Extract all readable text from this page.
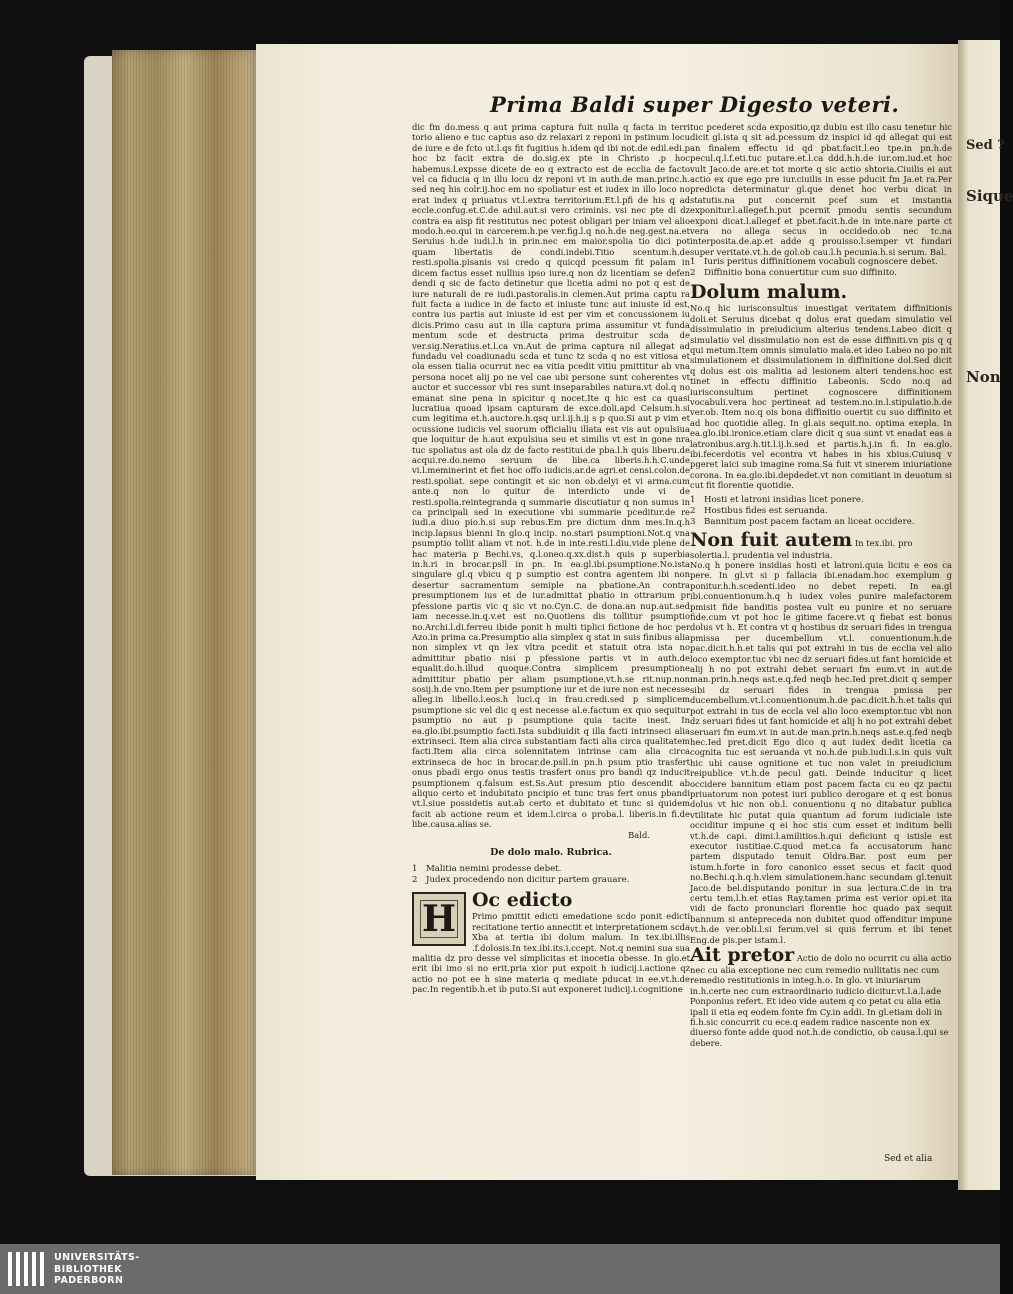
Sed ?
Sique
Non
Prima Baldi super Digesto veteri.

dic fm do.mess q aut prima captura fuit nulla q facta in terri torio alieno e tuc captus aso dz relaxari z reponi in pstinum locu de iure e de fcto ut.l.qs fit fugitius h.idem qd ibi not.de edil.edi.p hoc bz facit extra de do.sig.ex pte in Christo .p hoc habemus.l.expsse dicete de eo q extracto est de ecclia de facto vel ca fiducia q in illu locu dz reponi vt in auth.de man.princ.h. sed neq his colr.ij.hoc em no spoliatur est et iudex in illo loco no erat index q priuatus vt.l.extra territorium.Et.l.pfi de his q ad eccle.confug.et.C.de adul.aut.si vero criminis. vsi nec pte di dz contra ea aisp fit restitutus nec potest obligari per iniam vel alio modo.h.eo.qui in carcerem.h.pe ver.fig.l.q no.h.de neg.gest.na.et Seruius h.de iudi.l.h in prin.nec em maior.spolia tio dici pot quam libertatis de condi.indebi.Titio scentum.h.de resti.spolia.pisanis vsi credo q quicqd pcessum fit palam in dicem factus esset nullius ipso iure.q non dz licentiam se defen dendi q sic de facto detinetur que licetia admi no pot q est de iure naturali de re iudi.pastoralis.in clemen.Aut prima captu ra fuit facta a iudice in de facto et iniuste tunc aut iniuste id est, contra ius partis aut iniuste id est per vim et concussionem iu dicis.Primo casu aut in illa captura prima assumitur vt funda mentum scde et destructa prima destruitur scda de ver.sig.Neratius.et.l.ca vn.Aut de prima captura nil allegat ad fundadu vel coadiunadu scda et tunc tz scda q no est vitiosa et ola essen tialia ocurrut nec ea vitia pcedit vitiu pmittitur ab vna persona nocet alij po ne vel cae ubi persone sunt coherentes vt auctor et successor vbi res sunt inseparabiles natura.vt dol.q no emanat sine pena in spicitur q nocet.Ite q hic est ca quasi lucratiua quoad ipsam capturam de exce.doli.apd Celsum.h.si cum legitima et.h.auctore.h.qsq ur.l.ij.h.ij s p quo.Si aut p vim et ocussione iudicis vel suorum officialiu illata est vis aut opulsiua que loquitur de h.aut expulsiua seu et similis vt est in gone nra tuc spoliatus ast ola dz de facto restitui.de pba.l.h quis liberu.de acqui.re.do.nemo seruum de libe.ca liberis.h.h.C.unde vi.l.meminerint et fiet hoc offo iudicis.ar.de agri.et censi.colon.de resti.spoliat. sepe contingit et sic non ob.delyi et vi arma.cum ante.q non lo quitur de interdicto unde vi de resti.spolia.reintegranda q summarie discutiatur q non sumus in ca principali sed in executione vbi summarie pceditur.de re iudi.a diuo pio.h.si sup rebus.Em pre dictum dnm mes.In.q.h incip.lapsus bienni In glo.q incip. no.stari psumptioni.Not.q vna psumptio tollit aliam vt not. h.de in inte.resti.l.diu.vide plene de hac materia p Bechi.vs, q.l.oneo.q.xx.dist.h quis p superbia in.h.ri in brocar.psll in pn. In ea.gl.ibi.psumptione.No.ista singulare gl.q vbicu q p sumptio est contra agentem ibi non desertur sacramentum semiple na pbatione.An contra presumptionem ius et de iur.admittat pbatio in ottrarium pr pfessione partis vic q sic vt no.Cyn.C. de dona.an nup.aut.sed iam necesse.in.q.v.et est no.Quotiens dis tollitur psumptio no.Archi.l.di.ferreu ibide ponit h multi tiplici fictione de hoc per Azo.in prima ca.Presumptio alia simplex q stat in suis finibus alia non simplex vt qn lex vltra pcedit et statuit otra ista no admittitur pbatio nisi p pfessione partis vt in auth.de equalit.do.h.illud quoque.Contra simplicem presumptione admittitur pbatio per aliam psumptione.vt.h.se rit.nup.non sosij.h.de vno.Item per psumptione iur et de iure non est necesse alleg.in libello.l.eos.h luci.q in frau.credi.sed p simplicem psumptione sic vel dic q est necesse al.e.factum ex quo sequitur psumptio no aut p psumptione quia tacite inest. In ea.glo.ibi.psumptio facti.Ista subdiuidit q illa facti intrinseci alia extrinseci. Item alia circa substantiam facti alia circa qualitatem facti.Item alia circa solennitatem intrinse cam alia circa extrinseca de hoc in brocar.de.psll.in pn.h psum ptio trasfert onus pbadi ergo onus testis trasfert onus pro bandi qz inducit psumptionem q.falsum est.Ss.Aut presum ptio descendit ab aliquo certo et indubitato pncipio et tunc tras fert onus pbandi vt.l.siue possidetis aut.ab certo et dubitato et tunc si quidem facit ab actione reum et idem.l.circa o proba.l. liberis.in fi.de libe.causa.alias se.

Bald.

De dolo malo. Rubrica.
1 Malitia nemini prodesse debet.
2 Judex procedendo non dicitur partem grauare.
H Oc edicto

Primo pmittit edicti emedatione scdo ponit edicti recitatione tertio annectit et interpretationem scda Xba at tertia ibi dolum malum. In tex.ibi.illis .f.dolosis.In tex.ibi.its.i.ccept. Not.q nemini sua sua malitia dz pro desse vel simplicitas et inocetia obesse. In glo.et erit ibi imo si no erit.pria xior put expoit h iudicij.i.actione qz actio no pot ee h sine materia q mediate pducat in ee.vt.h.de pac.In regentib.h.et ib puto.Si aut exponeret iudicij.i.cognitione

tuc pcederet scda expositio,qz dubiu est illo casu tenetur hic dicit gl.ista q sit ad.pcessum dz inspici id qd allegat qui est an finalem effectu id qd pbat.facit.l.eo tpe.in pn.h.de pecul.q.l.f.eti.tuc putare.et.l.ca ddd.h.h.de iur.om.iud.et hoc vult Jaco.de are.et tot morte q sic actio shtoria.Ciuilis ei aut actio ex que ego pre iur.ciuilis in esse pducit fm Ja.et ra.Per predicta determinatur gl.que denet hoc verbu dicat in statutis.na put concernit pcef sum et imstantia exponitur.l.allegef.h.put pcernit pmodu sentis secundum exponi dicat.l.allegef et pbet.facit.h.de in inte.nare parte ct vera no allega secus in occidedo.ob nec tc.na interposita.de.ap.et adde q prouisso.l.semper vt fundari super veritate.vt.h.de gol.ob cau.l.h pecunia.h.si serum. Bal.

1 Iuris peritus diffinitionem vocabuli cognoscere debet.
2 Diffinitio bona conuertitur cum suo diffinito.
Dolum malum.

No.q hic iurisconsultus inuestigat veritatem diffinitionis doli.et Seruius dicebat q dolus erat quedam simulatio vel dissimulatio in preiudicium alterius tendens.Labeo dicit q simulatio vel dissimulatio non est de esse diffiniti.vn pis q q qui metum.Item omnis simulatio mala.et ideo Labeo no po nit simulationem et dissimulationem in diffinitione dol.Sed dicit q dolus est ois malitia ad lesionem alteri tendens.hoc est tinet in effectu diffinitio Labeonis. Scdo no.q ad iurisconsultum pertinet cognoscere diffinitionem vocabuli.vera hoc pertineat ad testem.no.in.l.stipulatio.h.de ver.ob. Item no.q ois bona diffinitio ouertit cu suo diffinito et ad hoc quotidie alleg. In gl.ais sequit.no. optima exepla. In ea.glo.ibi.ironice.etiam clare dicit q sua sunt vt enadat eas a latronibus.arg.h.tit.l.ij.h.sed et partis.h.j.in fi. In ea.glo. ibi.fecerdotis vel econtra vt habes in his xbius.Cuiusq v pgeret laici sub imagine roma.Sa fuit vt sinerem iniuriatione corona. In ea.glo.ibi.depdedet.vt non comitiant in deuotum si cut fit florentie quotidie.

1 Hosti et latroni insidias licet ponere.
2 Hostibus fides est seruanda.
3 Bannitum post pacem factam an liceat occidere.
Non fuit autem In tex.ibi. pro solertia.l. prudentia vel industria.

No.q h ponere insidias hosti et latroni.quia licitu e eos ca pere. In gl.vt si p fallacia ibi.enadam.hoc exemplum g ponitur.h.h.scedenti.ideo no debet repeti. In ea.gl ibi.conuentionum.h.q h iudex voles punire malefactorem pmisit fide banditis postea vult eu punire et no seruare fide.cum vt pot hoc le gitime facere.vt q fiebat est bonus dolus vt h. Et contra vt q hostibus dz seruari fides in trengua pmissa per ducembellum vt.l. conuentionum.h.de pac.dicit.h.h.et talis qui pot extrahi in tus de ecclia vel alio loco exemptor.tuc vbi nec dz seruari fides.ut fant homicide et alij h no pot extrahi debet seruari fm eum.vt in aut.de man.prin.h.neqs ast.e.q.fed neqb hec.Ied pret.dicit q semper sibi dz seruari fides in trengua pmissa per ducembellum.vt.l.conuentionum.h.de pac.dicit.h.h.et talis qui pot extrahi in tus de eccla vel alio loco exemptor.tuc vbi non dz seruari fides ut fant homicide et alij h no pot extrahi debet seruari fm eum.vt in aut.de man.prin.h.neqs ast.e.q.fed neqb hec.Ied pret.dicit Ego dico q aut iudex dedit licetia ca cognita tuc est seruanda vt no.h.de pub.iudi.l.s.in quis vult hic ubi cause ognitione et tuc non valet in preiudicium reipublice vt.h.de pecul gati. Deinde inducitur q licet occidere bannitum etiam post pacem facta cu eo qz pactu priuatorum non potest iuri publico derogare et q est bonus dolus vt hic non ob.l. conuentionu q no ditabatur publica vtilitate hic putat quia quantum ad forum iudiciale iste occiditur impune q ei hoc stis cum esset et inditum belli vt.h.de capi. dimi.l.amilitios.h.qui deficiunt q istisle est executor iustitiae.C.quod met.ca fa accusatorum hanc partem disputado tenuit Oldra.Bar. post eum per istum.h.forte in foro canonico esset secus et facit quod no.Bechi.q.h.q.h.vlem simulationem.hanc secundam gl.tenuit Jaco.de bel.disputando ponitur in sua lectura.C.de in tra certu tem.l.h.et etias Ray.tamen prima est verior opi.et ita vidi de facto pronunciari florentie hoc quado pax sequit bannum si antepreceda non dubitet quod offenditur impune vt.h.de ver.obli.l.si ferum.vel si quis ferrum et ibi tenet Eng.de pis.per istam.l.

Ait pretor Actio de dolo no ocurrit cu alia actio nec cu alia exceptione nec cum remedio nullitatis nec cum remedio restitutionis in integ.h.o. In glo. vt iniuriarum in.h.certe nec cum extraordinario iudicio dicitur.vt.l.a.l.ade Ponponius refert. Et ideo vide autem q co petat cu alia etia ipali ii etia eq eodem fonte fm Cy.in addi. In gl.etiam doli in fi.h.sic concurrit cu ece.q eadem radice nascente non ex diuerso fonte adde quod not.h.de condictio, ob causa.l.qui se debere.

Sed et alia
UNIVERSITÄTS-
BIBLIOTHEK
PADERBORN
